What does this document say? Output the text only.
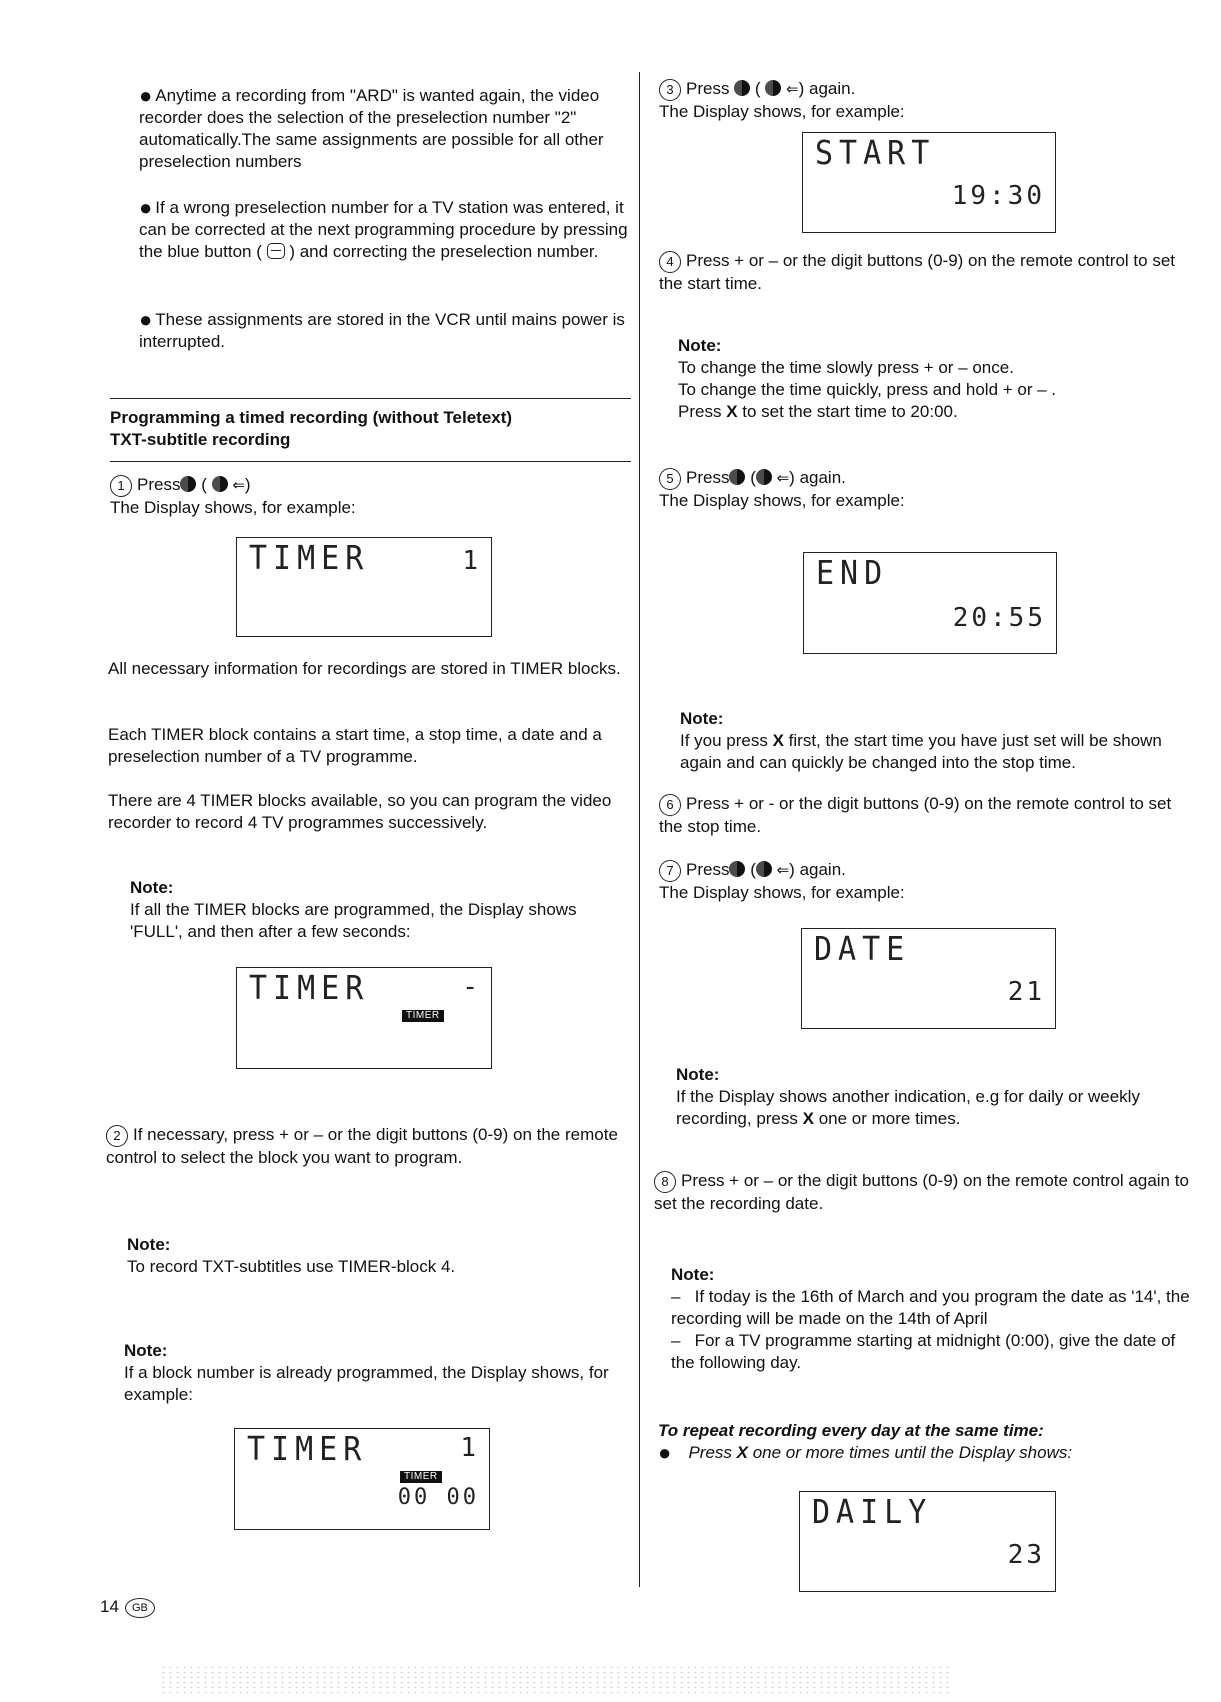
● Anytime a recording from "ARD" is wanted again, the video recorder does the selection of the preselection number "2" automatically.The same assignments are possible for all other preselection numbers

● If a wrong preselection number for a TV station was entered, it can be corrected at the next programming procedure by pressing the blue button ( ) and correcting the preselection number.

● These assignments are stored in the VCR until mains power is interrupted.

Programming a timed recording (without Teletext)

TXT-subtitle recording

1 Press (  ⇐)

The Display shows, for example:

TIMER	1

All necessary information for recordings are stored in TIMER blocks.

Each TIMER block contains a start time, a stop time, a date and a preselection number of a TV programme.

There are 4 TIMER blocks available, so you can program the video recorder to record 4 TV programmes successively.

Note:

If all the TIMER blocks are programmed, the Display shows 'FULL', and then after a few seconds:

TIMER	-
TIMER

2 If necessary, press + or – or the digit buttons (0-9) on the remote control to select the block you want to program.

Note:

To record TXT-subtitles use TIMER-block 4.

Note:

If a block number is already programmed, the Display shows, for example:

TIMER	1
TIMER
00 00
14 GB

3 Press  (  ⇐) again.

The Display shows, for example:

START
19:30

4 Press + or – or the digit buttons (0-9) on the remote control to set the start time.

Note:

To change the time slowly press + or – once.

To change the time quickly, press and hold + or – .

Press X to set the start time to 20:00.

5 Press ( ⇐) again.

The Display shows, for example:

END
20:55

Note:

If you press X first, the start time you have just set will be shown again and can quickly be changed into the stop time.

6 Press + or - or the digit buttons (0-9) on the remote control to set the stop time.

7 Press ( ⇐) again.

The Display shows, for example:

DATE
21

Note:

If the Display shows another indication, e.g for daily or weekly recording, press X one or more times.

8 Press + or – or the digit buttons (0-9) on the remote control again to set the recording date.

Note:

–   If today is the 16th of March and you program the date as '14', the recording will be made on the 14th of April

–   For a TV programme starting at midnight (0:00), give the date of the following day.

To repeat recording every day at the same time:

● Press X one or more times until the Display shows:

DAILY
23
